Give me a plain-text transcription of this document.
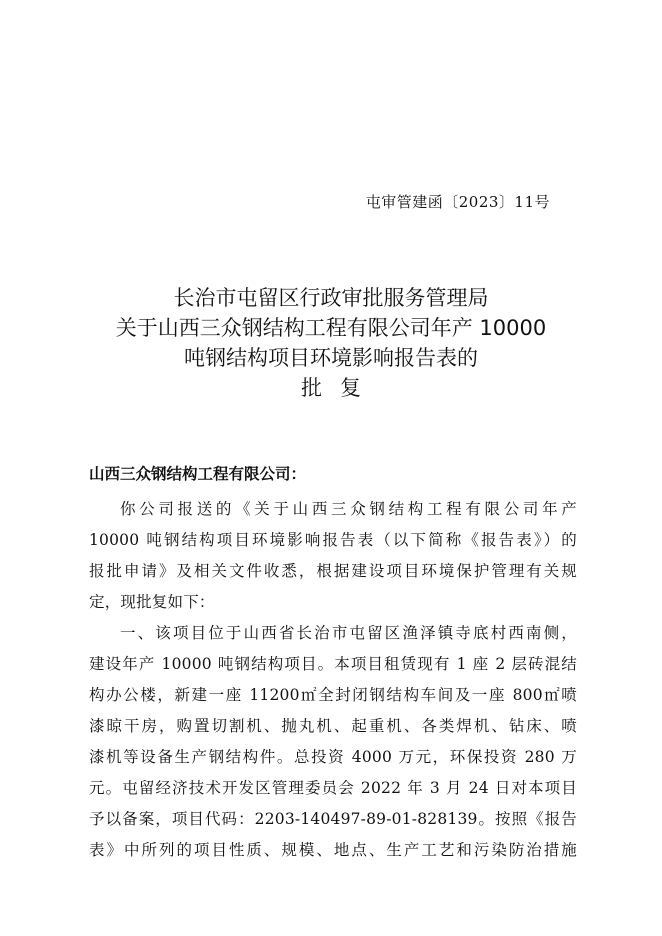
屯审管建函〔2023〕11号
长治市屯留区行政审批服务管理局
关于山西三众钢结构工程有限公司年产 10000
吨钢结构项目环境影响报告表的
批复
山西三众钢结构工程有限公司：
你公司报送的《关于山西三众钢结构工程有限公司年产
10000 吨钢结构项目环境影响报告表（以下简称《报告表》）的
报批申请》及相关文件收悉，根据建设项目环境保护管理有关规
定，现批复如下：
一、该项目位于山西省长治市屯留区渔泽镇寺底村西南侧，
建设年产 10000 吨钢结构项目。本项目租赁现有 1 座 2 层砖混结
构办公楼，新建一座 11200㎡全封闭钢结构车间及一座 800㎡喷
漆晾干房，购置切割机、抛丸机、起重机、各类焊机、钻床、喷
漆机等设备生产钢结构件。总投资 4000 万元，环保投资 280 万
元。屯留经济技术开发区管理委员会 2022 年 3 月 24 日对本项目
予以备案，项目代码：2203-140497-89-01-828139。按照《报告
表》中所列的项目性质、规模、地点、生产工艺和污染防治措施
